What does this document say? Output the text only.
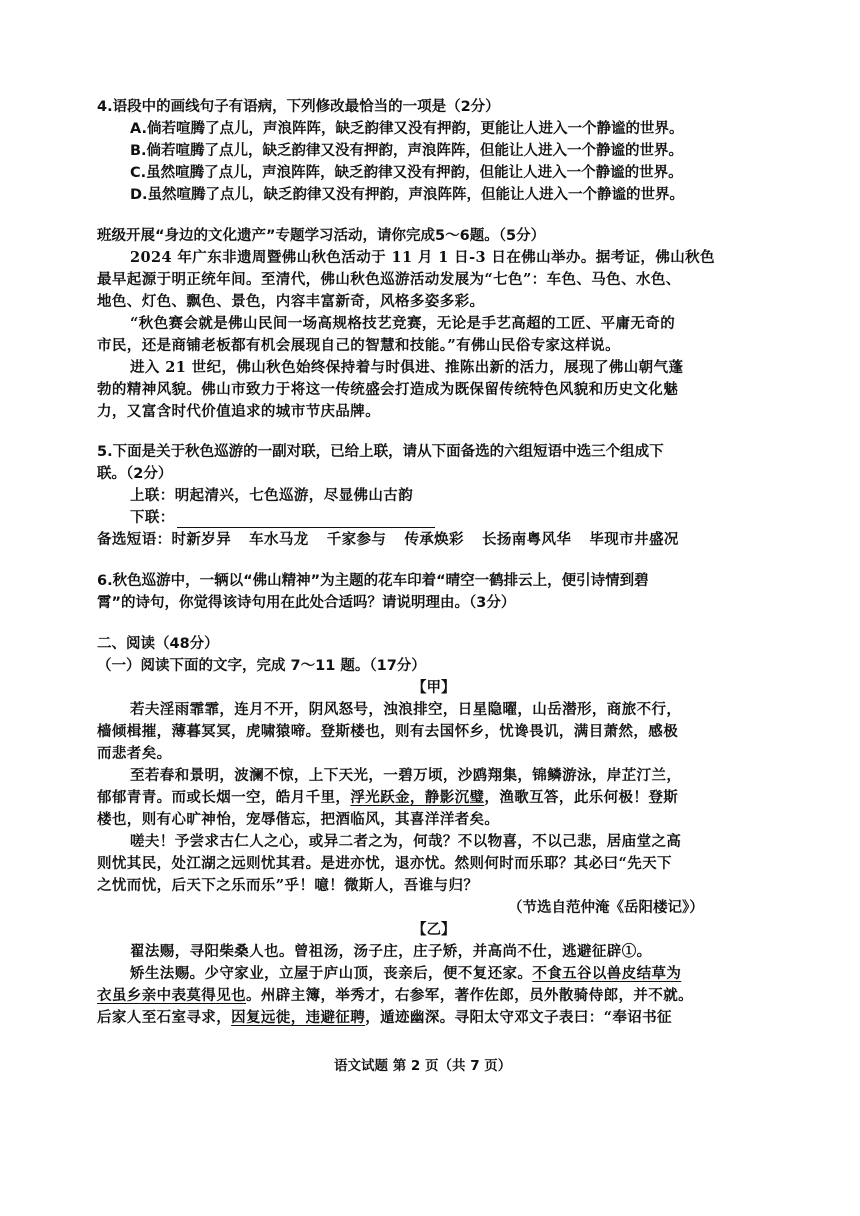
4.语段中的画线句子有语病，下列修改最恰当的一项是（2分）
A.倘若喧腾了点儿，声浪阵阵，缺乏韵律又没有押韵，更能让人进入一个静谧的世界。
B.倘若喧腾了点儿，缺乏韵律又没有押韵，声浪阵阵，但能让人进入一个静谧的世界。
C.虽然喧腾了点儿，声浪阵阵，缺乏韵律又没有押韵，但能让人进入一个静谧的世界。
D.虽然喧腾了点儿，缺乏韵律又没有押韵，声浪阵阵，但能让人进入一个静谧的世界。
班级开展“身边的文化遗产”专题学习活动，请你完成5～6题。（5分）
2024 年广东非遗周暨佛山秋色活动于 11 月 1 日-3 日在佛山举办。据考证，佛山秋色
最早起源于明正统年间。至清代，佛山秋色巡游活动发展为“七色”：车色、马色、水色、
地色、灯色、飘色、景色，内容丰富新奇，风格多姿多彩。
“秋色赛会就是佛山民间一场高规格技艺竞赛，无论是手艺高超的工匠、平庸无奇的
市民，还是商铺老板都有机会展现自己的智慧和技能。”有佛山民俗专家这样说。
进入 21 世纪，佛山秋色始终保持着与时俱进、推陈出新的活力，展现了佛山朝气蓬
勃的精神风貌。佛山市致力于将这一传统盛会打造成为既保留传统特色风貌和历史文化魅
力，又富含时代价值追求的城市节庆品牌。
5.下面是关于秋色巡游的一副对联，已给上联，请从下面备选的六组短语中选三个组成下
联。（2分）
上联：明起清兴，七色巡游，尽显佛山古韵
下联：
备选短语：时新岁异 车水马龙 千家参与 传承焕彩 长扬南粤风华 毕现市井盛况
6.秋色巡游中，一辆以“佛山精神”为主题的花车印着“晴空一鹤排云上，便引诗情到碧
霄”的诗句，你觉得该诗句用在此处合适吗？请说明理由。（3分）
二、阅读（48分）
（一）阅读下面的文字，完成 7～11 题。（17分）
【甲】
若夫淫雨霏霏，连月不开，阴风怒号，浊浪排空，日星隐曜，山岳潜形，商旅不行，
樯倾楫摧，薄暮冥冥，虎啸猿啼。登斯楼也，则有去国怀乡，忧谗畏讥，满目萧然，感极
而悲者矣。
至若春和景明，波澜不惊，上下天光，一碧万顷，沙鸥翔集，锦鳞游泳，岸芷汀兰，
郁郁青青。而或长烟一空，皓月千里，浮光跃金，静影沉璧，渔歌互答，此乐何极！登斯
楼也，则有心旷神怡，宠辱偕忘，把酒临风，其喜洋洋者矣。
嗟夫！予尝求古仁人之心，或异二者之为，何哉？不以物喜，不以己悲，居庙堂之高
则忧其民，处江湖之远则忧其君。是进亦忧，退亦忧。然则何时而乐耶？其必曰“先天下
之忧而忧，后天下之乐而乐”乎！噫！微斯人，吾谁与归？
（节选自范仲淹《岳阳楼记》）
【乙】
翟法赐，寻阳柴桑人也。曾祖汤，汤子庄，庄子矫，并高尚不仕，逃避征辟①。
矫生法赐。少守家业，立屋于庐山顶，丧亲后，便不复还家。不食五谷以兽皮结草为
衣虽乡亲中表莫得见也。州辟主簿，举秀才，右参军，著作佐郎，员外散骑侍郎，并不就。
后家人至石室寻求，因复远徙，违避征聘，遁迹幽深。寻阳太守邓文子表曰：“奉诏书征
语文试题 第 2 页（共 7 页）
